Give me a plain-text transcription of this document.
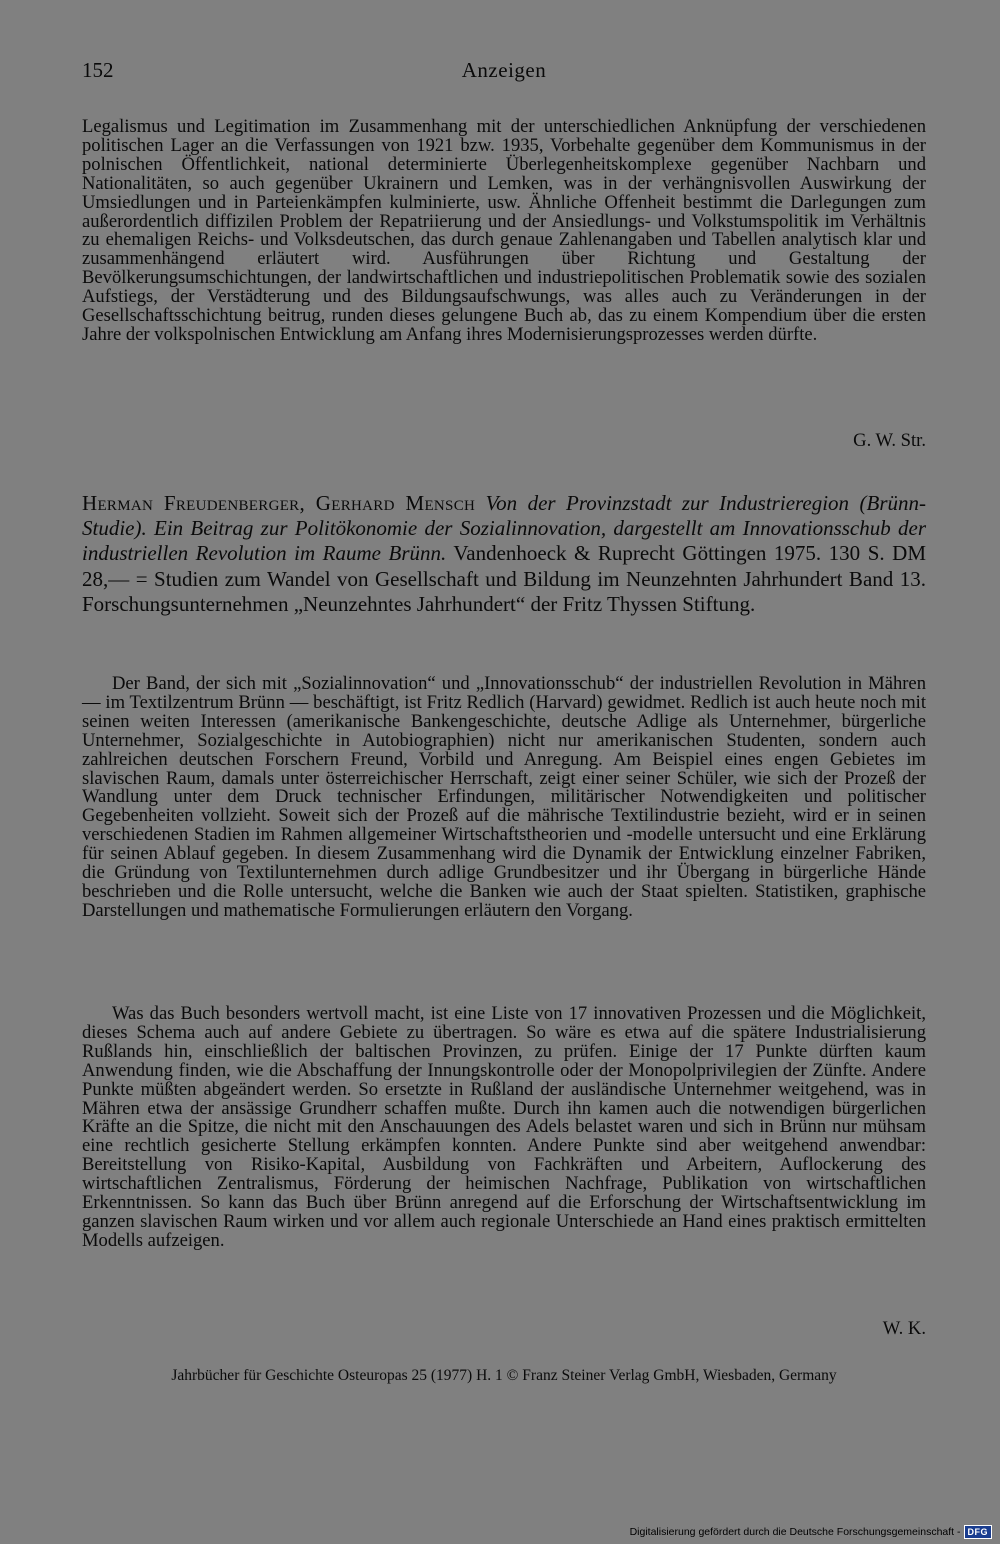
152	Anzeigen

Legalismus und Legitimation im Zusammenhang mit der unterschiedlichen Anknüpfung der verschiedenen politischen Lager an die Verfassungen von 1921 bzw. 1935, Vorbehalte gegenüber dem Kommunismus in der polnischen Öffentlichkeit, national determinierte Überlegenheitskomplexe gegenüber Nachbarn und Nationalitäten, so auch gegenüber Ukrainern und Lemken, was in der verhängnisvollen Auswirkung der Umsiedlungen und in Parteienkämpfen kulminierte, usw. Ähnliche Offenheit bestimmt die Darlegungen zum außerordentlich diffizilen Problem der Repatriierung und der Ansiedlungs- und Volkstumspolitik im Verhältnis zu ehemaligen Reichs- und Volksdeutschen, das durch genaue Zahlenangaben und Tabellen analytisch klar und zusammenhängend erläutert wird. Ausführungen über Richtung und Gestaltung der Bevölkerungsumschichtungen, der landwirtschaftlichen und industriepolitischen Problematik sowie des sozialen Aufstiegs, der Verstädterung und des Bildungsaufschwungs, was alles auch zu Veränderungen in der Gesellschaftsschichtung beitrug, runden dieses gelungene Buch ab, das zu einem Kompendium über die ersten Jahre der volkspolnischen Entwicklung am Anfang ihres Modernisierungsprozesses werden dürfte.

G. W. Str.

Herman Freudenberger, Gerhard Mensch Von der Provinzstadt zur Industrieregion (Brünn-Studie). Ein Beitrag zur Politökonomie der Sozialinnovation, dargestellt am Innovationsschub der industriellen Revolution im Raume Brünn. Vandenhoeck & Ruprecht Göttingen 1975. 130 S. DM 28,— = Studien zum Wandel von Gesellschaft und Bildung im Neunzehnten Jahrhundert Band 13. Forschungsunternehmen „Neunzehntes Jahrhundert“ der Fritz Thyssen Stiftung.

Der Band, der sich mit „Sozialinnovation“ und „Innovationsschub“ der industriellen Revolution in Mähren — im Textilzentrum Brünn — beschäftigt, ist Fritz Redlich (Harvard) gewidmet. Redlich ist auch heute noch mit seinen weiten Interessen (amerikanische Bankengeschichte, deutsche Adlige als Unternehmer, bürgerliche Unternehmer, Sozialgeschichte in Autobiographien) nicht nur amerikanischen Studenten, sondern auch zahlreichen deutschen Forschern Freund, Vorbild und Anregung. Am Beispiel eines engen Gebietes im slavischen Raum, damals unter österreichischer Herrschaft, zeigt einer seiner Schüler, wie sich der Prozeß der Wandlung unter dem Druck technischer Erfindungen, militärischer Notwendigkeiten und politischer Gegebenheiten vollzieht. Soweit sich der Prozeß auf die mährische Textilindustrie bezieht, wird er in seinen verschiedenen Stadien im Rahmen allgemeiner Wirtschaftstheorien und -modelle untersucht und eine Erklärung für seinen Ablauf gegeben. In diesem Zusammenhang wird die Dynamik der Entwicklung einzelner Fabriken, die Gründung von Textilunternehmen durch adlige Grundbesitzer und ihr Übergang in bürgerliche Hände beschrieben und die Rolle untersucht, welche die Banken wie auch der Staat spielten. Statistiken, graphische Darstellungen und mathematische Formulierungen erläutern den Vorgang.

Was das Buch besonders wertvoll macht, ist eine Liste von 17 innovativen Prozessen und die Möglichkeit, dieses Schema auch auf andere Gebiete zu übertragen. So wäre es etwa auf die spätere Industrialisierung Rußlands hin, einschließlich der baltischen Provinzen, zu prüfen. Einige der 17 Punkte dürften kaum Anwendung finden, wie die Abschaffung der Innungskontrolle oder der Monopolprivilegien der Zünfte. Andere Punkte müßten abgeändert werden. So ersetzte in Rußland der ausländische Unternehmer weitgehend, was in Mähren etwa der ansässige Grundherr schaffen mußte. Durch ihn kamen auch die notwendigen bürgerlichen Kräfte an die Spitze, die nicht mit den Anschauungen des Adels belastet waren und sich in Brünn nur mühsam eine rechtlich gesicherte Stellung erkämpfen konnten. Andere Punkte sind aber weitgehend anwendbar: Bereitstellung von Risiko-Kapital, Ausbildung von Fachkräften und Arbeitern, Auflockerung des wirtschaftlichen Zentralismus, Förderung der heimischen Nachfrage, Publikation von wirtschaftlichen Erkenntnissen. So kann das Buch über Brünn anregend auf die Erforschung der Wirtschaftsentwicklung im ganzen slavischen Raum wirken und vor allem auch regionale Unterschiede an Hand eines praktisch ermittelten Modells aufzeigen.

W. K.
Jahrbücher für Geschichte Osteuropas 25 (1977) H. 1 © Franz Steiner Verlag GmbH, Wiesbaden, Germany
Digitalisierung gefördert durch die Deutsche Forschungsgemeinschaft - DFG
